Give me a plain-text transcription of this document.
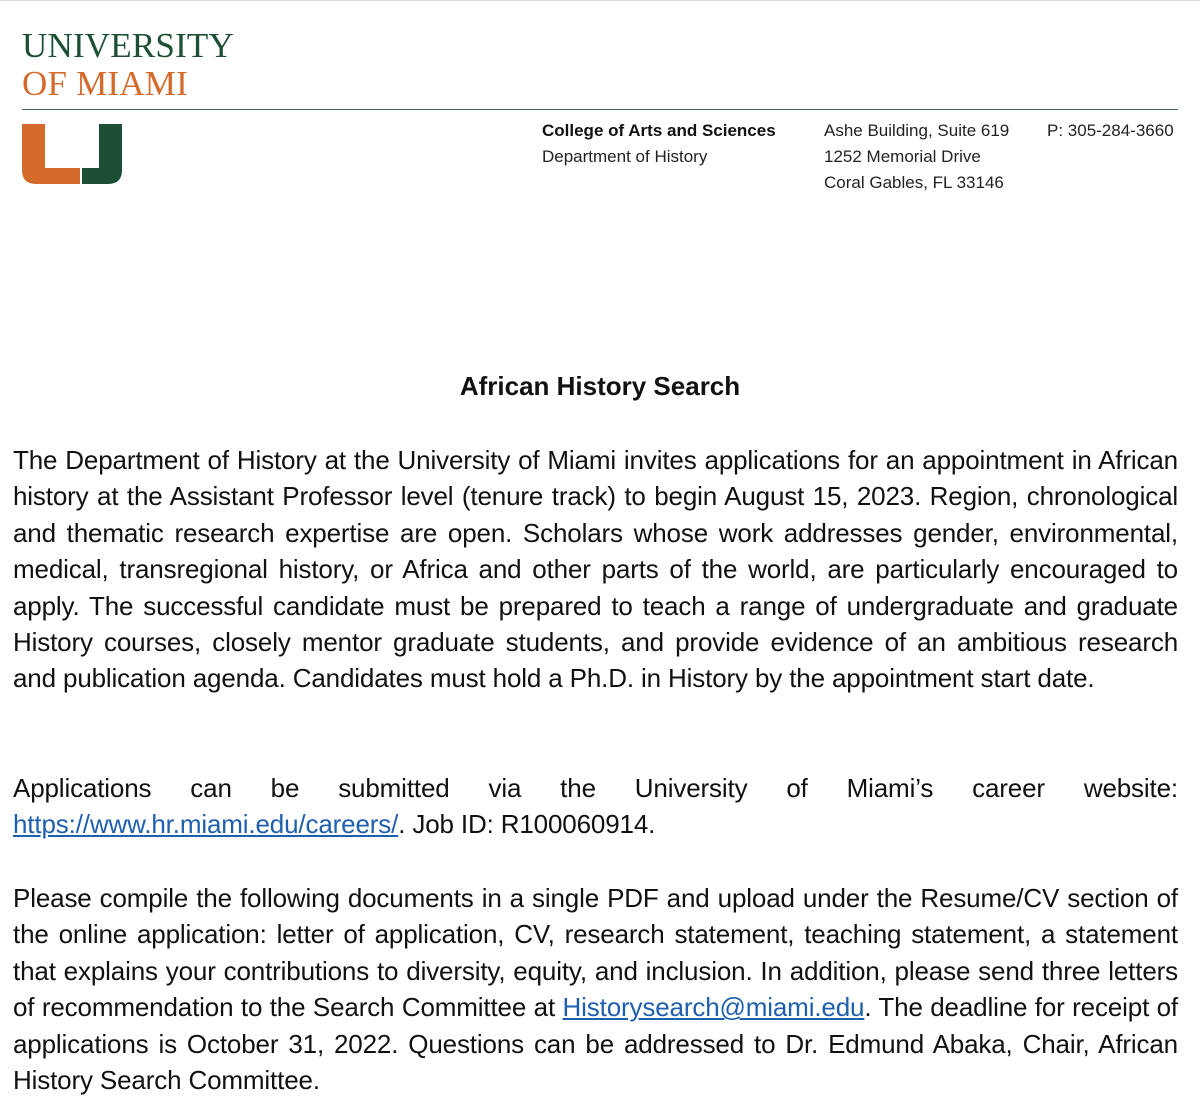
UNIVERSITY
OF MIAMI
College of Arts and Sciences
Department of History
Ashe Building, Suite 619
1252 Memorial Drive
Coral Gables, FL 33146
P: 305-284-3660
African History Search
The Department of History at the University of Miami invites applications for an appointment in African history at the Assistant Professor level (tenure track) to begin August 15, 2023. Region, chronological and thematic research expertise are open. Scholars whose work addresses gender, environmental, medical, transregional history, or Africa and other parts of the world, are particularly encouraged to apply. The successful candidate must be prepared to teach a range of undergraduate and graduate History courses, closely mentor graduate students, and provide evidence of an ambitious research and publication agenda. Candidates must hold a Ph.D. in History by the appointment start date.
Applications can be submitted via the University of Miami’s career website: https://www.hr.miami.edu/careers/. Job ID: R100060914.
Please compile the following documents in a single PDF and upload under the Resume/CV section of the online application: letter of application, CV, research statement, teaching statement, a statement that explains your contributions to diversity, equity, and inclusion. In addition, please send three letters of recommendation to the Search Committee at Historysearch@miami.edu. The deadline for receipt of applications is October 31, 2022. Questions can be addressed to Dr. Edmund Abaka, Chair, African History Search Committee.
